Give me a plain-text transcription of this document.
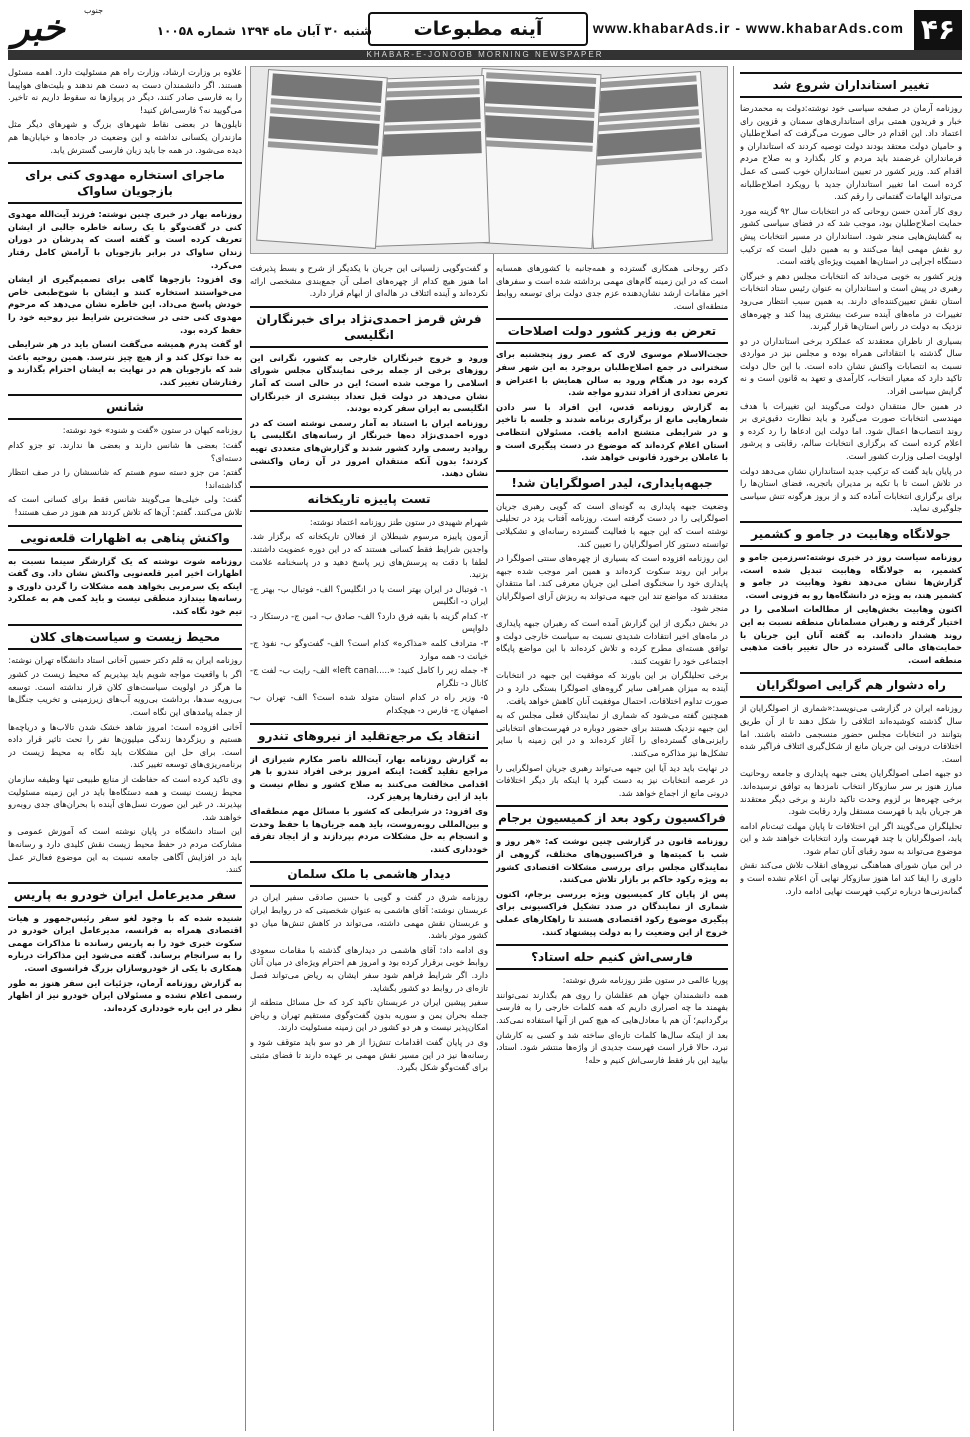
۴۶
www.khabarAds.ir - www.khabarAds.com
آینه مطبوعات
شنبه ۳۰ آبان ماه ۱۳۹۴ شماره ۱۰۰۵۸
خبر جنوب
KHABAR-E-JONOOB MORNING NEWSPAPER
تغییر استانداران شروع شد

روزنامه آرمان در صفحه سیاسی خود نوشته:دولت به محمدرضا خبار و فریدون همتی برای استانداری‌های سمنان و قزوین رای اعتماد داد. این اقدام در حالی صورت می‌گرفت که اصلاح‌طلبان و حامیان دولت معتقد بودند دولت توصیه کردند که استانداران و فرمانداران غرضمند باید مردم و کار بگذارد و به صلاح مردم اقدام کند. وزیر کشور در تعیین استانداران خوب کسی که عمل کرده است اما تغییر استانداران جدید با رویکرد اصلاح‌طلبانه می‌تواند الهامات گفتمانی را رقم کند.

روی کار آمدن حسن روحانی که در انتخابات سال ۹۲ گزینه مورد حمایت اصلاح‌طلبان بود، موجب شد که در فضای سیاسی کشور به گشایش‌هایی منجر شود. استانداران در مسیر انتخابات پیش رو نقش مهمی ایفا می‌کنند و به همین دلیل است که ترکیب دستگاه اجرایی در استان‌ها اهمیت ویژه‌ای یافته است.

وزیر کشور به خوبی می‌داند که انتخابات مجلس دهم و خبرگان رهبری در پیش است و استانداران به عنوان رئیس ستاد انتخابات استان نقش تعیین‌کننده‌ای دارند. به همین سبب انتظار می‌رود تغییرات در ماه‌های آینده سرعت بیشتری پیدا کند و چهره‌های نزدیک به دولت در راس استان‌ها قرار گیرند.

بسیاری از ناظران معتقدند که عملکرد برخی استانداران در دو سال گذشته با انتقاداتی همراه بوده و مجلس نیز در مواردی نسبت به انتصابات واکنش نشان داده است. با این حال دولت تاکید دارد که معیار انتخاب، کارآمدی و تعهد به قانون است و نه گرایش سیاسی افراد.

در همین حال منتقدان دولت می‌گویند این تغییرات با هدف مهندسی انتخابات صورت می‌گیرد و باید نظارت دقیق‌تری بر روند انتصاب‌ها اعمال شود. اما دولت این ادعاها را رد کرده و اعلام کرده است که برگزاری انتخابات سالم، رقابتی و پرشور اولویت اصلی وزارت کشور است.

در پایان باید گفت که ترکیب جدید استانداران نشان می‌دهد دولت در تلاش است تا با تکیه بر مدیران باتجربه، فضای استان‌ها را برای برگزاری انتخابات آماده کند و از بروز هرگونه تنش سیاسی جلوگیری نماید.

جولانگاه وهابیت در جامو و کشمیر

روزنامه سیاست روز در خبری نوشته:سرزمین جامو و کشمیر، به جولانگاه وهابیت تبدیل شده است. گزارش‌ها نشان می‌دهد نفوذ وهابیت در جامو و کشمیر هند، به ویژه در دانشگاه‌ها رو به فزونی است.

اکنون وهابیت بخش‌هایی از مطالعات اسلامی را در اختیار گرفته و رهبران مسلمانان منطقه نسبت به این روند هشدار داده‌اند. به گفته آنان این جریان با حمایت‌های مالی گسترده در حال تغییر بافت مذهبی منطقه است.

راه دشوار هم گرایی اصولگرایان

روزنامه ایران در گزارشی می‌نویسد:«شماری از اصولگرایان از سال گذشته کوشیده‌اند ائتلافی را شکل دهند تا از آن طریق بتوانند در انتخابات مجلس حضور منسجمی داشته باشند. اما اختلافات درونی این جریان مانع از شکل‌گیری ائتلاف فراگیر شده است.

دو جبهه اصلی اصولگرایان یعنی جبهه پایداری و جامعه روحانیت مبارز هنوز بر سر سازوکار انتخاب نامزدها به توافق نرسیده‌اند. برخی چهره‌ها بر لزوم وحدت تاکید دارند و برخی دیگر معتقدند هر جریان باید با فهرست مستقل وارد رقابت شود.

تحلیلگران می‌گویند اگر این اختلافات تا پایان مهلت ثبت‌نام ادامه یابد، اصولگرایان با چند فهرست وارد انتخابات خواهند شد و این موضوع می‌تواند به سود رقبای آنان تمام شود.

در این میان شورای هماهنگی نیروهای انقلاب تلاش می‌کند نقش داوری را ایفا کند اما هنوز سازوکار نهایی آن اعلام نشده است و گمانه‌زنی‌ها درباره ترکیب فهرست نهایی ادامه دارد.

و گفت‌وگویی زلسیانی این جریان با یکدیگر از شرح و بسط پذیرفت اما هنوز هیچ کدام از چهره‌های اصلی آن جمع‌بندی مشخصی ارائه نکرده‌اند و آینده ائتلاف در هاله‌ای از ابهام قرار دارد.

فرش قرمز احمدی‌نژاد برای خبرنگاران انگلیسی

ورود و خروج خبرنگاران خارجی به کشور، نگرانی این روزهای برخی از جمله برخی نمایندگان مجلس شورای اسلامی را موجب شده است؛ این در حالی است که آمار نشان می‌دهد در دولت قبل تعداد بیشتری از خبرنگاران انگلیسی به ایران سفر کرده بودند.

روزنامه ایران با استناد به آمار رسمی نوشته است که در دوره احمدی‌نژاد ده‌ها خبرنگار از رسانه‌های انگلیسی با روادید رسمی وارد کشور شدند و گزارش‌های متعددی تهیه کردند؛ بدون آنکه منتقدان امروز در آن زمان واکنشی نشان دهند.

تست پاییزه تاریکخانه

شهرام شهیدی در ستون طنز روزنامه اعتماد نوشته:

آزمون پاییزه مرسوم شبطلان از فعالان تاریکخانه که برگزار شد. واجدین شرایط فقط کسانی هستند که در این دوره عضویت داشتند. لطفا با دقت به پرسش‌های زیر پاسخ دهید و در پاسخنامه علامت بزنید.

۱- فوتبال در ایران بهتر است یا در انگلیس؟ الف- فوتبال ب- بهتر ج- ایران د- انگلیس

۲- کدام گزینه با بقیه فرق دارد؟ الف- صادق ب- امین ج- درستکار د- دلواپس

۳- مترادف کلمه «مذاکره» کدام است؟ الف- گفت‌وگو ب- نفوذ ج- خیانت د- همه موارد

۴- جمله زیر را کامل کنید: «.....left canal» الف- رایت ب- لفت ج- کانال د- تلگرام

۵- وزیر راه در کدام استان متولد شده است؟ الف- تهران ب- اصفهان ج- فارس د- هیچکدام

انتقاد یک مرجع‌تقلید از نیروهای تندرو

به گزارش روزنامه بهار، آیت‌الله ناصر مکارم شیرازی از مراجع تقلید گفت: اینکه امروز برخی افراد تندرو با هر اقدامی مخالفت می‌کنند به صلاح کشور و نظام نیست و باید از این رفتارها پرهیز کرد.

وی افزود: در شرایطی که کشور با مسائل مهم منطقه‌ای و بین‌المللی روبه‌روست، باید همه جریان‌ها با حفظ وحدت و انسجام به حل مشکلات مردم بپردازند و از ایجاد تفرقه خودداری کنند.

دیدار هاشمی با ملک سلمان

روزنامه شرق در گفت و گویی با حسین صادقی سفیر ایران در عربستان نوشته: آقای هاشمی به عنوان شخصیتی که در روابط ایران و عربستان نقش مهمی داشته، می‌تواند در کاهش تنش‌ها میان دو کشور موثر باشد.

وی ادامه داد: آقای هاشمی در دیدارهای گذشته با مقامات سعودی روابط خوبی برقرار کرده بود و امروز هم احترام ویژه‌ای در میان آنان دارد. اگر شرایط فراهم شود سفر ایشان به ریاض می‌تواند فصل تازه‌ای در روابط دو کشور بگشاید.

سفیر پیشین ایران در عربستان تاکید کرد که حل مسائل منطقه از جمله بحران یمن و سوریه بدون گفت‌وگوی مستقیم تهران و ریاض امکان‌پذیر نیست و هر دو کشور در این زمینه مسئولیت دارند.

وی در پایان گفت اقدامات تنش‌زا از هر دو سو باید متوقف شود و رسانه‌ها نیز در این مسیر نقش مهمی بر عهده دارند تا فضای مثبتی برای گفت‌وگو شکل بگیرد.

دکتر روحانی همکاری گسترده و همه‌جانبه با کشورهای همسایه است که در این زمینه گام‌های مهمی برداشته شده است و سفرهای اخیر مقامات ارشد نشان‌دهنده عزم جدی دولت برای توسعه روابط منطقه‌ای است.

تعرض به وزیر کشور دولت اصلاحات

حجت‌الاسلام موسوی لاری که عصر روز پنجشنبه برای سخنرانی در جمع اصلاح‌طلبان بروجرد به این شهر سفر کرده بود در هنگام ورود به سالن همایش با اعتراض و تعرض تعدادی از افراد تندرو مواجه شد.

به گزارش روزنامه قدس، این افراد با سر دادن شعارهایی مانع از برگزاری برنامه شدند و جلسه با تاخیر و در شرایطی متشنج ادامه یافت. مسئولان انتظامی استان اعلام کرده‌اند که موضوع در دست پیگیری است و با عاملان برخورد قانونی خواهد شد.

جبهه‌پایداری، لیدر اصولگرایان شد!

وضعیت جبهه پایداری به گونه‌ای است که گویی رهبری جریان اصولگرایی را در دست گرفته است. روزنامه آفتاب یزد در تحلیلی نوشته است که این جبهه با فعالیت گسترده رسانه‌ای و تشکیلاتی توانسته دستور کار اصولگرایان را تعیین کند.

این روزنامه افزوده است که بسیاری از چهره‌های سنتی اصولگرا در برابر این روند سکوت کرده‌اند و همین امر موجب شده جبهه پایداری خود را سخنگوی اصلی این جریان معرفی کند. اما منتقدان معتقدند که مواضع تند این جبهه می‌تواند به ریزش آرای اصولگرایان منجر شود.

در بخش دیگری از این گزارش آمده است که رهبران جبهه پایداری در ماه‌های اخیر انتقادات شدیدی نسبت به سیاست خارجی دولت و توافق هسته‌ای مطرح کرده و تلاش کرده‌اند با این مواضع پایگاه اجتماعی خود را تقویت کنند.

برخی تحلیلگران بر این باورند که موفقیت این جبهه در انتخابات آینده به میزان همراهی سایر گروه‌های اصولگرا بستگی دارد و در صورت تداوم اختلافات، احتمال موفقیت آنان کاهش خواهد یافت.

همچنین گفته می‌شود که شماری از نمایندگان فعلی مجلس که به این جبهه نزدیک هستند برای حضور دوباره در فهرست‌های انتخاباتی رایزنی‌های گسترده‌ای را آغاز کرده‌اند و در این زمینه با سایر تشکل‌ها نیز مذاکره می‌کنند.

در نهایت باید دید آیا این جبهه می‌تواند رهبری جریان اصولگرایی را در عرصه انتخابات نیز به دست گیرد یا اینکه بار دیگر اختلافات درونی مانع از اجماع خواهد شد.

فراکسیون رکود بعد از کمیسیون برجام

روزنامه قانون در گزارشی چنین نوشت که: «هر روز و شب با کمیته‌ها و فراکسیون‌های مختلف، گروهی از نمایندگان مجلس برای بررسی مشکلات اقتصادی کشور به ویژه رکود حاکم بر بازار تلاش می‌کنند.

پس از پایان کار کمیسیون ویژه بررسی برجام، اکنون شماری از نمایندگان در صدد تشکیل فراکسیونی برای پیگیری موضوع رکود اقتصادی هستند تا راهکارهای عملی خروج از این وضعیت را به دولت پیشنهاد کنند.

فارسی‌اش کنیم حله استاد؟

پوریا عالمی در ستون طنز روزنامه شرق نوشته:

همه دانشمندان جهان هم عقلشان را روی هم بگذارند نمی‌توانند بفهمند ما چه اصراری داریم که همه کلمات خارجی را به فارسی برگردانیم؛ آن هم با معادل‌هایی که هیچ کس از آنها استفاده نمی‌کند.

بعد از اینکه سال‌ها کلمات تازه‌ای ساخته شد و کسی به کارشان نبرد، حالا قرار است فهرست جدیدی از واژه‌ها منتشر شود. استاد، بیایید این بار فقط فارسی‌اش کنیم و حله!

علاوه بر وزارت ارشاد، وزارت راه هم مسئولیت دارد. اهمه مسئول هستند. اگر دانشمندان دست به دست هم ندهند و بلیت‌های هواپیما را به فارسی صادر کنند، دیگر در پروازها نه سقوط داریم نه تاخیر. می‌گویید نه؟ فارسی‌اش کنید!

نایلون‌ها در بعضی نقاط شهرهای بزرگ و شهرهای دیگر مثل مازندران یکسانی نداشته و این وضعیت در جاده‌ها و خیابان‌ها هم دیده می‌شود. در همه جا باید زبان فارسی گسترش یابد.

ماجرای استخاره مهدوی کنی برای بازجویان ساواک

روزنامه بهار در خبری چنین نوشته: فرزند آیت‌الله مهدوی کنی در گفت‌وگو با یک رسانه خاطره جالبی از ایشان تعریف کرده است و گفته است که پدرشان در دوران زندان ساواک در برابر بازجویان با آرامش کامل رفتار می‌کرد.

وی افزود: بازجوها گاهی برای تصمیم‌گیری از ایشان می‌خواستند استخاره کنند و ایشان با شوخ‌طبعی خاص خودش پاسخ می‌داد. این خاطره نشان می‌دهد که مرحوم مهدوی کنی حتی در سخت‌ترین شرایط نیز روحیه خود را حفظ کرده بود.

او گفت پدرم همیشه می‌گفت انسان باید در هر شرایطی به خدا توکل کند و از هیچ چیز نترسد. همین روحیه باعث شد که بازجویان هم در نهایت به ایشان احترام بگذارند و رفتارشان تغییر کند.

شانس

روزنامه کیهان در ستون «گفت و شنود» خود نوشته:

گفت: بعضی ها شانس دارند و بعضی ها ندارند. تو جزو کدام دسته‌ای؟

گفتم: من جزو دسته سوم هستم که شانسشان را در صف انتظار گذاشته‌اند!

گفت: ولی خیلی‌ها می‌گویند شانس فقط برای کسانی است که تلاش می‌کنند. گفتم: آن‌ها که تلاش کردند هم هنوز در صف هستند!

واکنش پناهی به اظهارات قلعه‌نویی

روزنامه شوت نوشته که یک گزارشگر سینما نسبت به اظهارات اخیر امیر قلعه‌نویی واکنش نشان داد. وی گفت اینکه یک سرمربی بخواهد همه مشکلات را گردن داوری و رسانه‌ها بیندازد منطقی نیست و باید کمی هم به عملکرد تیم خود نگاه کند.

محیط زیست و سیاست‌های کلان

روزنامه ایران به قلم دکتر حسین آخانی استاد دانشگاه تهران نوشته:

اگر با واقعیت مواجه شویم باید بپذیریم که محیط زیست در کشور ما هرگز در اولویت سیاست‌های کلان قرار نداشته است. توسعه بی‌رویه سدها، برداشت بی‌رویه آب‌های زیرزمینی و تخریب جنگل‌ها از جمله پیامدهای این نگاه است.

آخانی افزوده است: امروز شاهد خشک شدن تالاب‌ها و دریاچه‌ها هستیم و ریزگردها زندگی میلیون‌ها نفر را تحت تاثیر قرار داده است. برای حل این مشکلات باید نگاه به محیط زیست در برنامه‌ریزی‌های توسعه تغییر کند.

وی تاکید کرده است که حفاظت از منابع طبیعی تنها وظیفه سازمان محیط زیست نیست و همه دستگاه‌ها باید در این زمینه مسئولیت بپذیرند. در غیر این صورت نسل‌های آینده با بحران‌های جدی روبه‌رو خواهند شد.

این استاد دانشگاه در پایان نوشته است که آموزش عمومی و مشارکت مردم در حفظ محیط زیست نقش کلیدی دارد و رسانه‌ها باید در افزایش آگاهی جامعه نسبت به این موضوع فعال‌تر عمل کنند.

سفر مدیرعامل ایران خودرو به پاریس

شنیده شده که با وجود لغو سفر رئیس‌جمهور و هیات اقتصادی همراه به فرانسه، مدیرعامل ایران خودرو در سکوت خبری خود را به پاریس رسانده تا مذاکرات مهمی را به سرانجام برساند. گفته می‌شود این مذاکرات درباره همکاری با یکی از خودروسازان بزرگ فرانسوی است.

به گزارش روزنامه آرمان، جزئیات این سفر هنوز به طور رسمی اعلام نشده و مسئولان ایران خودرو نیز از اظهار نظر در این باره خودداری کرده‌اند.
